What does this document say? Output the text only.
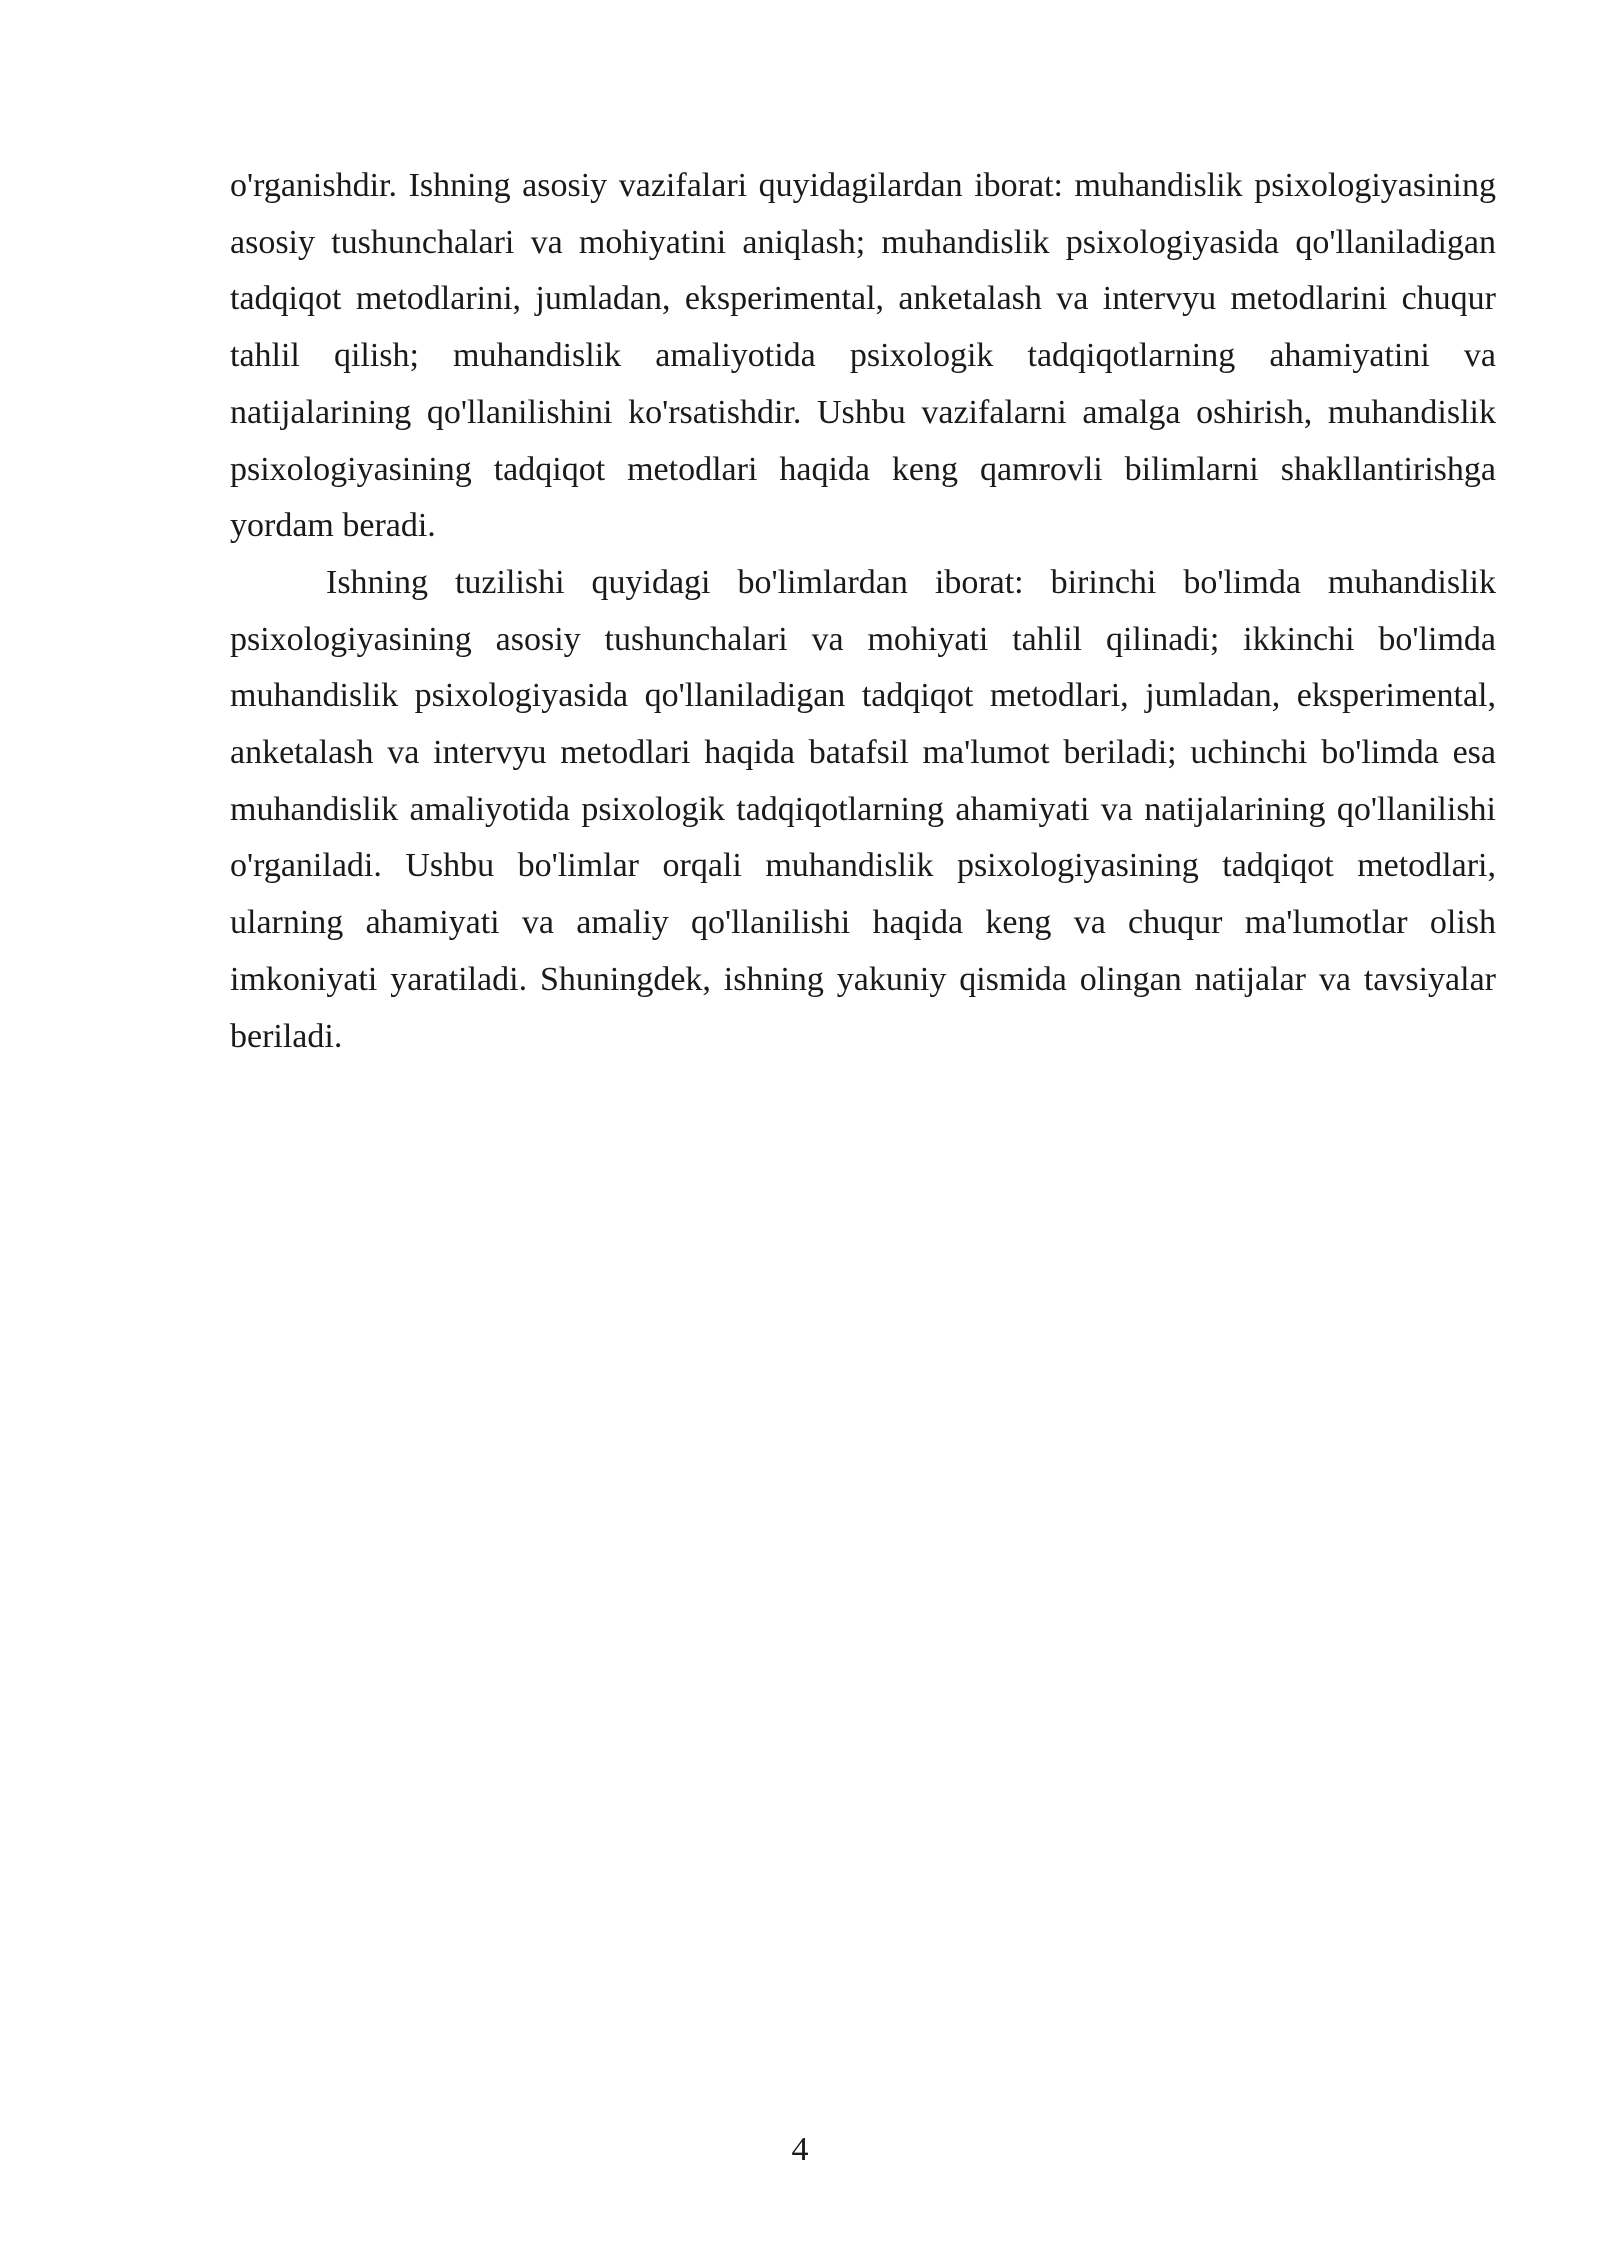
o'rganishdir. Ishning asosiy vazifalari quyidagilardan iborat: muhandislik psixologiyasining asosiy tushunchalari va mohiyatini aniqlash; muhandislik psixologiyasida qo'llaniladigan tadqiqot metodlarini, jumladan, eksperimental, anketalash va intervyu metodlarini chuqur tahlil qilish; muhandislik amaliyotida psixologik tadqiqotlarning ahamiyatini va natijalarining qo'llanilishini ko'rsatishdir. Ushbu vazifalarni amalga oshirish, muhandislik psixologiyasining tadqiqot metodlari haqida keng qamrovli bilimlarni shakllantirishga yordam beradi.

Ishning tuzilishi quyidagi bo'limlardan iborat: birinchi bo'limda muhandislik psixologiyasining asosiy tushunchalari va mohiyati tahlil qilinadi; ikkinchi bo'limda muhandislik psixologiyasida qo'llaniladigan tadqiqot metodlari, jumladan, eksperimental, anketalash va intervyu metodlari haqida batafsil ma'lumot beriladi; uchinchi bo'limda esa muhandislik amaliyotida psixologik tadqiqotlarning ahamiyati va natijalarining qo'llanilishi o'rganiladi. Ushbu bo'limlar orqali muhandislik psixologiyasining tadqiqot metodlari, ularning ahamiyati va amaliy qo'llanilishi haqida keng va chuqur ma'lumotlar olish imkoniyati yaratiladi. Shuningdek, ishning yakuniy qismida olingan natijalar va tavsiyalar beriladi.

4
